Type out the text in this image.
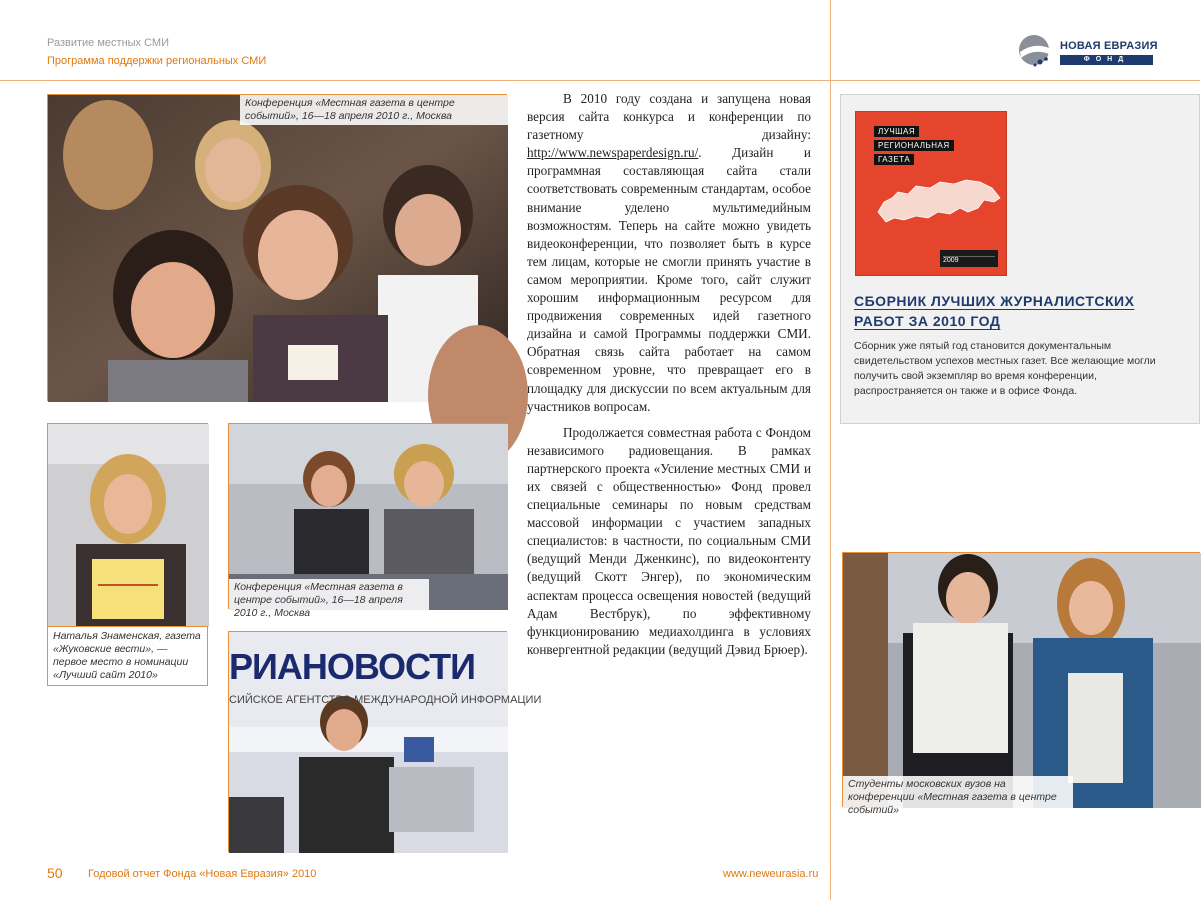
Развитие местных СМИ
Программа поддержки региональных СМИ
НОВАЯ ЕВРАЗИЯ
ФОНД
Конференция «Местная газета в центре событий», 16—18 апреля 2010 г., Москва
Наталья Знаменская, газета «Жуковские вести», — первое место в номинации «Лучший сайт 2010»
Конференция «Местная газета в центре событий», 16—18 апреля 2010 г., Москва
РИАНОВОСТИ
СИЙСКОЕ АГЕНТСТВО МЕЖДУНАРОДНОЙ ИНФОРМАЦИИ

В 2010 году создана и запущена новая версия сайта конкурса и конференции по газетному дизайну: http://www.newspaperdesign.ru/. Дизайн и программная составляющая сайта стали соответствовать современным стандартам, особое внимание уделено мультимедийным возможностям. Теперь на сайте можно увидеть видеоконференции, что позволяет быть в курсе тем лицам, которые не смогли принять участие в самом мероприятии. Кроме того, сайт служит хорошим информационным ресурсом для продвижения современных идей газетного дизайна и самой Программы поддержки СМИ. Обратная связь сайта работает на самом современном уровне, что превращает его в площадку для дискуссии по всем актуальным для участников вопросам.

Продолжается совместная работа с Фондом независимого радиовещания. В рамках партнерского проекта «Усиление местных СМИ и их связей с общественностью» Фонд провел специальные семинары по новым средствам массовой информации с участием западных специалистов: в частности, по социальным СМИ (ведущий Менди Дженкинс), по видеоконтенту (ведущий Скотт Энгер), по экономическим аспектам процесса освещения новостей (ведущий Адам Вестбрук), по эффективному функционированию медиахолдинга в условиях конвергентной редакции (ведущий Дэвид Брюер).

ЛУЧШАЯ
РЕГИОНАЛЬНАЯ
ГАЗЕТА
2009
СБОРНИК ЛУЧШИХ ЖУРНАЛИСТСКИХ
РАБОТ ЗА 2010 ГОД
Сборник уже пятый год становится документальным свидетельством успехов местных газет. Все желающие могли получить свой экземпляр во время конференции, распространяется он также и в офисе Фонда.
Студенты московских вузов на конференции «Местная газета в центре событий»
50 Годовой отчет Фонда «Новая Евразия» 2010	www.neweurasia.ru
